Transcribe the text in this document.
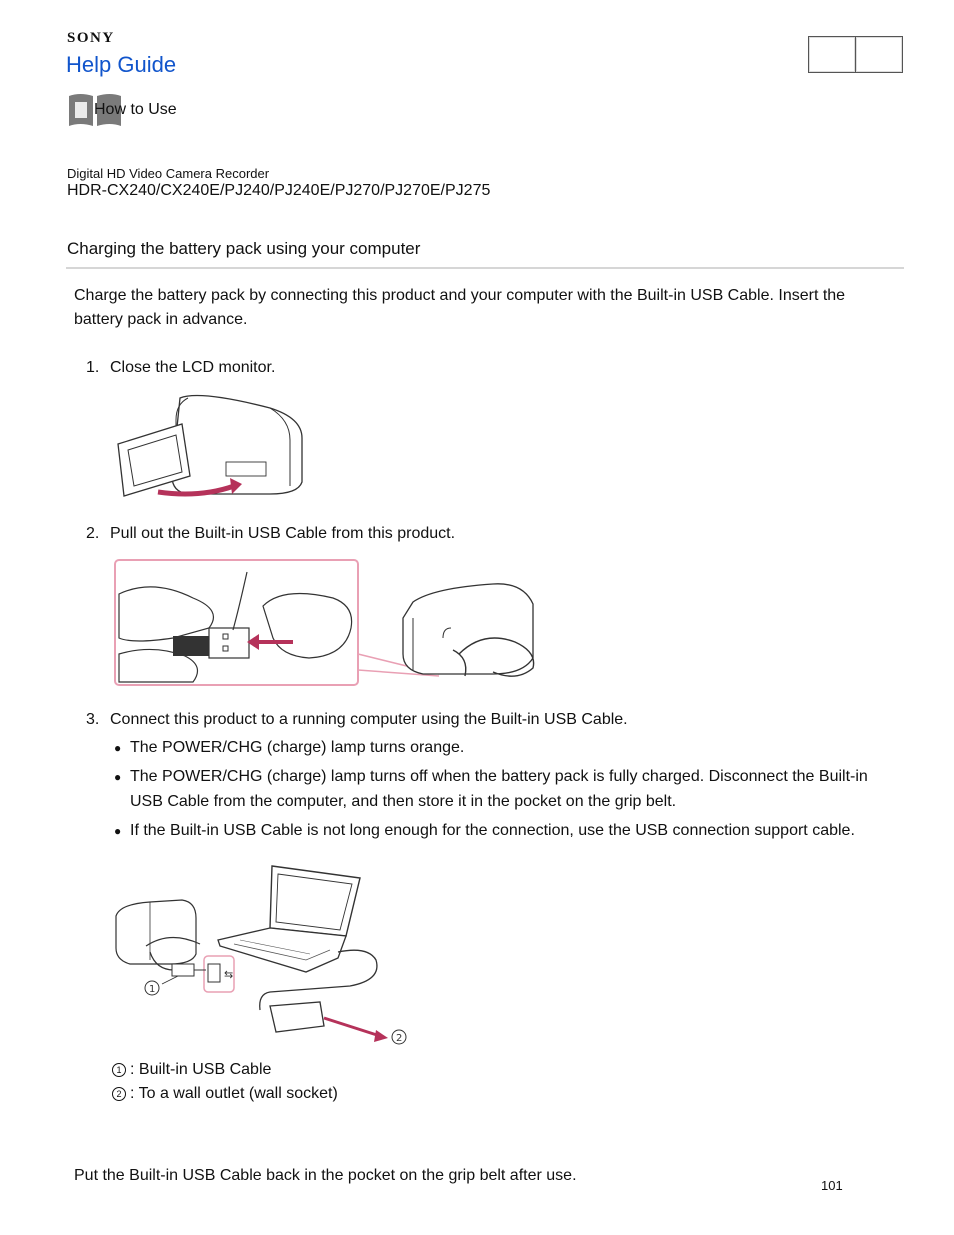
SONY
Help Guide
How to Use
Digital HD Video Camera Recorder
HDR-CX240/CX240E/PJ240/PJ240E/PJ270/PJ270E/PJ275
Charging the battery pack using your computer
Charge the battery pack by connecting this product and your computer with the Built-in USB Cable. Insert the battery pack in advance.
1. Close the LCD monitor.
2. Pull out the Built-in USB Cable from this product.
3. Connect this product to a running computer using the Built-in USB Cable.
● The POWER/CHG (charge) lamp turns orange.
● The POWER/CHG (charge) lamp turns off when the battery pack is fully charged. Disconnect the Built-in USB Cable from the computer, and then store it in the pocket on the grip belt.
● If the Built-in USB Cable is not long enough for the connection, use the USB connection support cable.
⇆
1
2
1 : Built-in USB Cable
2 : To a wall outlet (wall socket)
Put the Built-in USB Cable back in the pocket on the grip belt after use.
101
